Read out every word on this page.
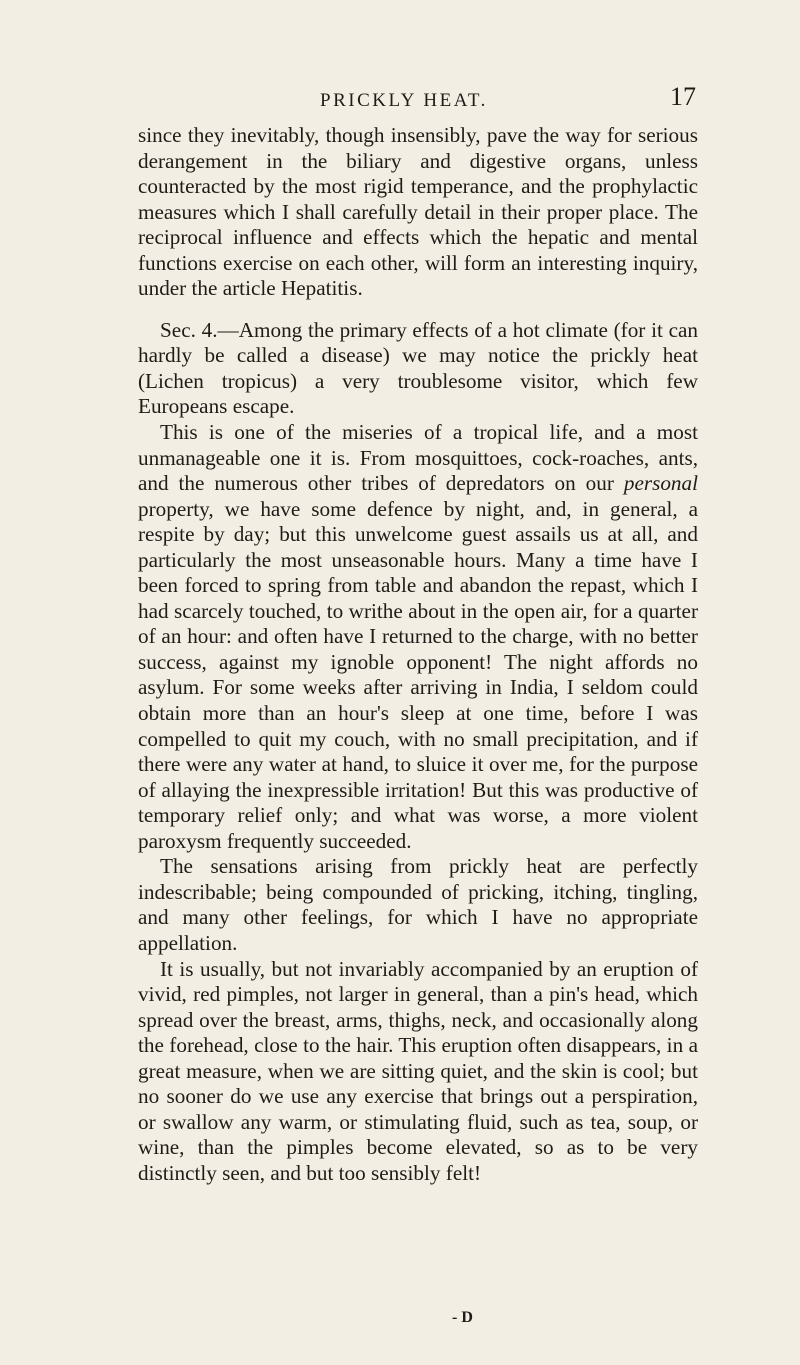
PRICKLY HEAT.	17

since they inevitably, though insensibly, pave the way for serious derangement in the biliary and digestive organs, unless counteracted by the most rigid temperance, and the prophylactic measures which I shall carefully detail in their proper place. The reciprocal influence and effects which the hepatic and mental functions exercise on each other, will form an interesting inquiry, under the article Hepatitis.

Sec. 4.—Among the primary effects of a hot climate (for it can hardly be called a disease) we may notice the prickly heat (Lichen tropicus) a very troublesome visitor, which few Europeans escape.

This is one of the miseries of a tropical life, and a most unmanageable one it is. From mosquittoes, cock-roaches, ants, and the numerous other tribes of depredators on our personal property, we have some defence by night, and, in general, a respite by day; but this unwelcome guest assails us at all, and particularly the most unseasonable hours. Many a time have I been forced to spring from table and abandon the repast, which I had scarcely touched, to writhe about in the open air, for a quarter of an hour: and often have I returned to the charge, with no better success, against my ignoble opponent! The night affords no asylum. For some weeks after arriving in India, I seldom could obtain more than an hour's sleep at one time, before I was compelled to quit my couch, with no small precipitation, and if there were any water at hand, to sluice it over me, for the purpose of allaying the inexpressible irritation! But this was productive of temporary relief only; and what was worse, a more violent paroxysm frequently succeeded.

The sensations arising from prickly heat are perfectly indescribable; being compounded of pricking, itching, tingling, and many other feelings, for which I have no appropriate appellation.

It is usually, but not invariably accompanied by an eruption of vivid, red pimples, not larger in general, than a pin's head, which spread over the breast, arms, thighs, neck, and occasionally along the forehead, close to the hair. This eruption often disappears, in a great measure, when we are sitting quiet, and the skin is cool; but no sooner do we use any exercise that brings out a perspiration, or swallow any warm, or stimulating fluid, such as tea, soup, or wine, than the pimples become elevated, so as to be very distinctly seen, and but too sensibly felt!

- D
